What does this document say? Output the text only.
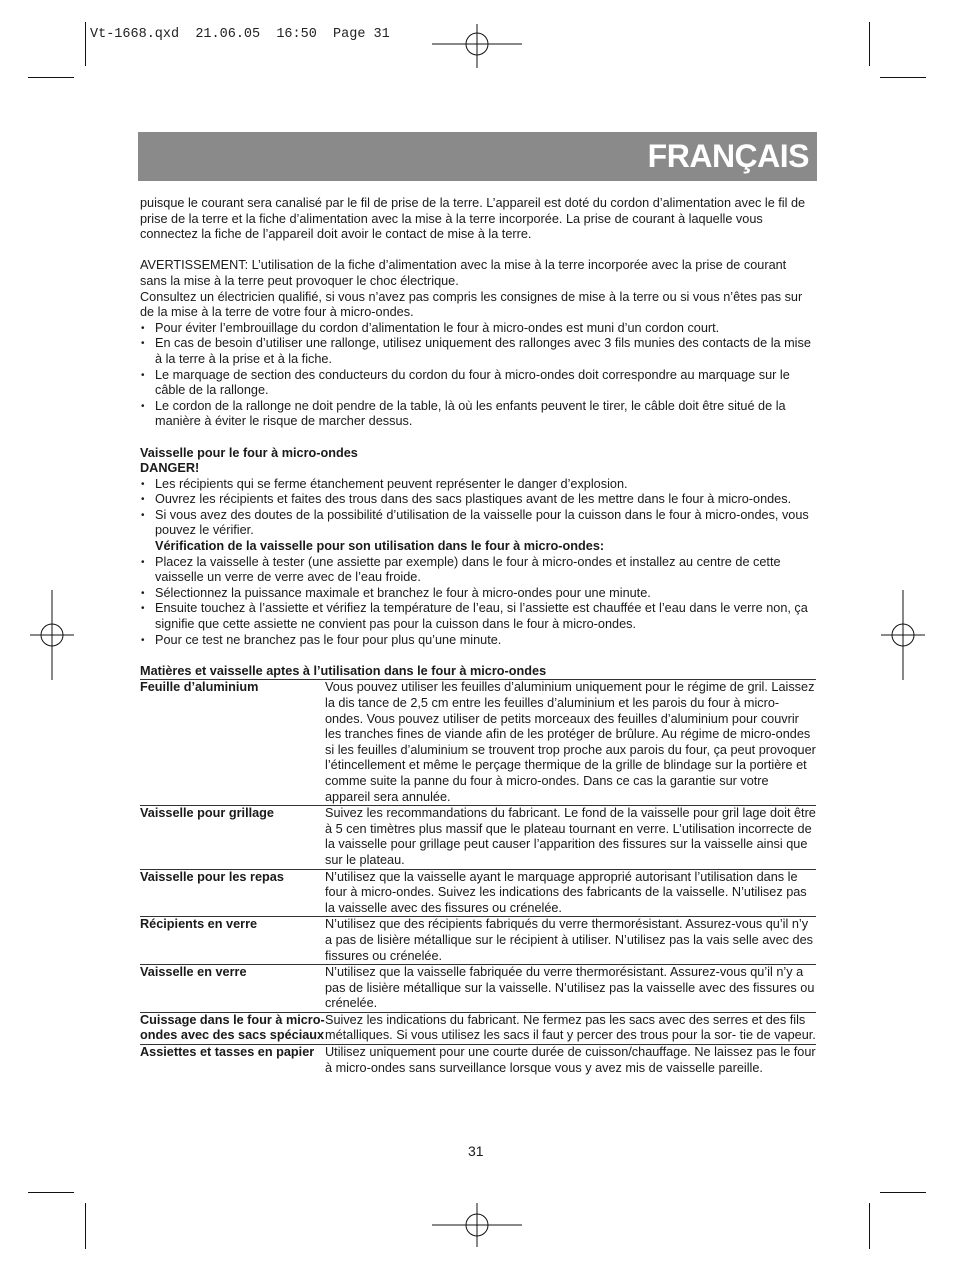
Vt-1668.qxd  21.06.05  16:50  Page 31
FRANÇAIS

puisque le courant sera canalisé par le fil de prise de la terre. L’appareil est doté du cordon d’alimentation avec le fil de prise de la terre et la fiche d’alimentation avec la mise à la terre incorporée. La prise de courant à laquelle vous connectez la fiche de l’appareil doit avoir le contact de mise à la terre.

AVERTISSEMENT: L’utilisation de la fiche d’alimentation avec la mise à la terre incorporée avec la prise de courant sans la mise à la terre peut provoquer le choc électrique.

Consultez un électricien qualifié, si vous n’avez pas compris les consignes de mise à la terre ou si vous n’êtes pas sur de la mise à la terre de votre four à micro-ondes.

• Pour éviter l’embrouillage du cordon d’alimentation le four à micro-ondes est muni d’un cordon court.
• En cas de besoin d’utiliser une rallonge, utilisez uniquement des rallonges avec 3 fils munies des contacts de la mise à la terre à la prise et à la fiche.
• Le marquage de section des conducteurs du cordon du four à micro-ondes doit correspondre au marquage sur le câble de la rallonge.
• Le cordon de la rallonge ne doit pendre de la table, là où les enfants peuvent le tirer, le câble doit être situé de la manière à éviter le risque de marcher dessus.

Vaisselle pour le four à micro-ondes

DANGER!

• Les récipients qui se ferme étanchement peuvent représenter le danger d’explosion.
• Ouvrez les récipients et faites des trous dans des sacs plastiques avant de les mettre dans le four à micro-ondes.
• Si vous avez des doutes de la possibilité d’utilisation de la vaisselle pour la cuisson dans le four à micro-ondes, vous pouvez le vérifier.

Vérification de la vaisselle pour son utilisation dans le four à micro-ondes:

• Placez la vaisselle à tester (une assiette par exemple) dans le four à micro-ondes et installez au centre de cette vaisselle un verre de verre avec de l’eau froide.
• Sélectionnez la puissance maximale et branchez le four à micro-ondes pour une minute.
• Ensuite touchez à l’assiette et vérifiez la température de l’eau, si l’assiette est chauffée et l’eau dans le verre non, ça signifie que cette assiette ne convient pas pour la cuisson dans le four à micro-ondes.
• Pour ce test ne branchez pas le four pour plus qu’une minute.

Matières et vaisselle aptes à l’utilisation dans le four à micro-ondes

Feuille d’aluminium	Vous pouvez utiliser les feuilles d’aluminium uniquement pour le régime de gril. Laissez la dis tance de 2,5 cm entre les feuilles d’aluminium et les parois du four à micro-ondes. Vous pouvez utiliser de petits morceaux des feuilles d’aluminium pour couvrir les tranches fines de viande afin de les protéger de brûlure. Au régime de micro-ondes si les feuilles d’aluminium se trouvent trop proche aux parois du four, ça peut provoquer l’étincellement et même le perçage thermique de la grille de blindage sur la portière et comme suite la panne du four à micro-ondes. Dans ce cas la garantie sur votre appareil sera annulée.
Vaisselle pour grillage	Suivez les recommandations du fabricant. Le fond de la vaisselle pour gril lage doit être à 5 cen timètres plus massif que le plateau tournant en verre. L’utilisation incorrecte de la vaisselle pour grillage peut causer l’apparition des fissures sur la vaisselle ainsi que sur le plateau.
Vaisselle pour les repas	N’utilisez que la vaisselle ayant le marquage approprié autorisant l’utilisation dans le four à micro-ondes. Suivez les indications des fabricants de la vaisselle. N’utilisez pas la vaisselle avec des fissures ou crénelée.
Récipients en verre	N’utilisez que des récipients fabriqués du verre thermorésistant. Assurez-vous qu’il n’y a pas de lisière métallique sur le récipient à utiliser. N’utilisez pas la vais selle avec des fissures ou crénelée.
Vaisselle en verre	N’utilisez que la vaisselle fabriquée du verre thermorésistant. Assurez-vous qu’il n’y a pas de lisière métallique sur la vaisselle. N’utilisez pas la vaisselle avec des fissures ou crénelée.
Cuissage dans le four à micro-ondes avec des sacs spéciaux	Suivez les indications du fabricant. Ne fermez pas les sacs avec des serres et des fils métalliques. Si vous utilisez les sacs il faut y percer des trous pour la sor- tie de vapeur.
Assiettes et tasses en papier	Utilisez uniquement pour une courte durée de cuisson/chauffage. Ne laissez pas le four à micro-ondes sans surveillance lorsque vous y avez mis de vaisselle pareille.
31
